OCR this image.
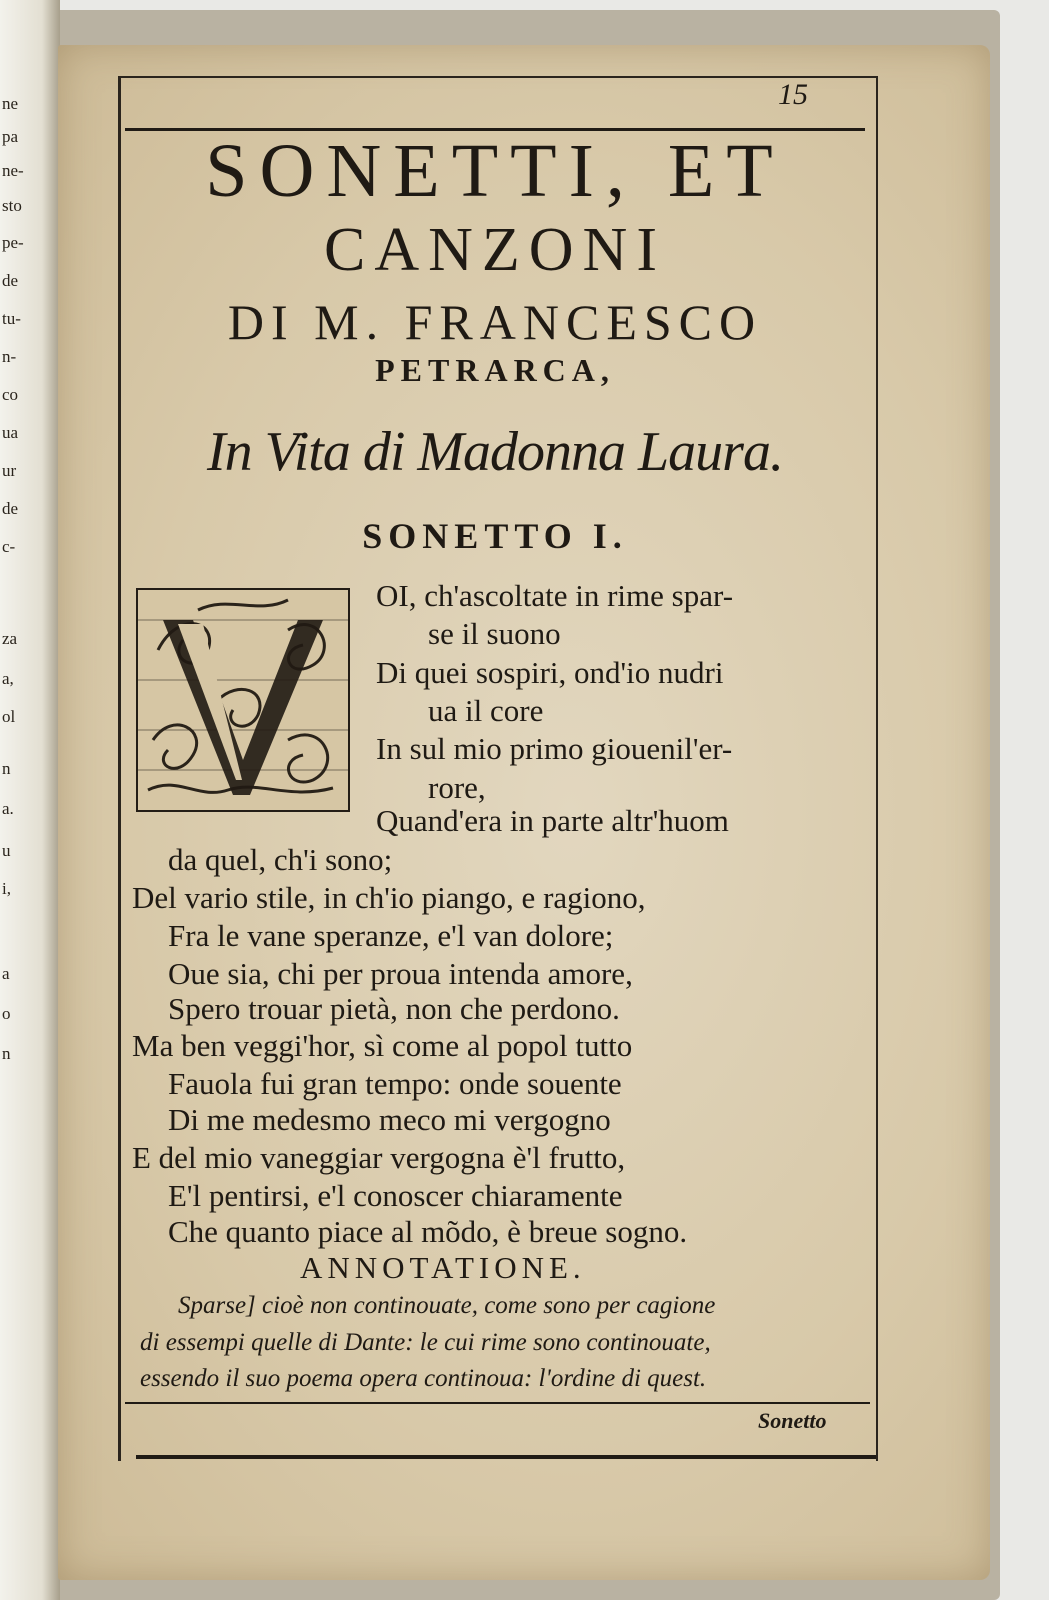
ne
pa
ne-
sto
pe-
de
tu-
n-
co
ua
ur
de
c-
za
a,
ol
n
a.
u
i,
a
o
n
15
SONETTI, ET
CANZONI
DI M. FRANCESCO
PETRARCA,
In Vita di Madonna Laura.
SONETTO I.
OI, ch'ascoltate in rime spar-
se il suono
Di quei sospiri, ond'io nudri
ua il core
In sul mio primo giouenil'er-
rore,
Quand'era in parte altr'huom
da quel, ch'i sono;
Del vario stile, in ch'io piango, e ragiono,
Fra le vane speranze, e'l van dolore;
Oue sia, chi per proua intenda amore,
Spero trouar pietà, non che perdono.
Ma ben veggi'hor, sì come al popol tutto
Fauola fui gran tempo: onde souente
Di me medesmo meco mi vergogno
E del mio vaneggiar vergogna è'l frutto,
E'l pentirsi, e'l conoscer chiaramente
Che quanto piace al mõdo, è breue sogno.
ANNOTATIONE.
Sparse] cioè non continouate, come sono per cagione
di essempi quelle di Dante: le cui rime sono continouate,
essendo il suo poema opera continoua: l'ordine di quest.
Sonetto
